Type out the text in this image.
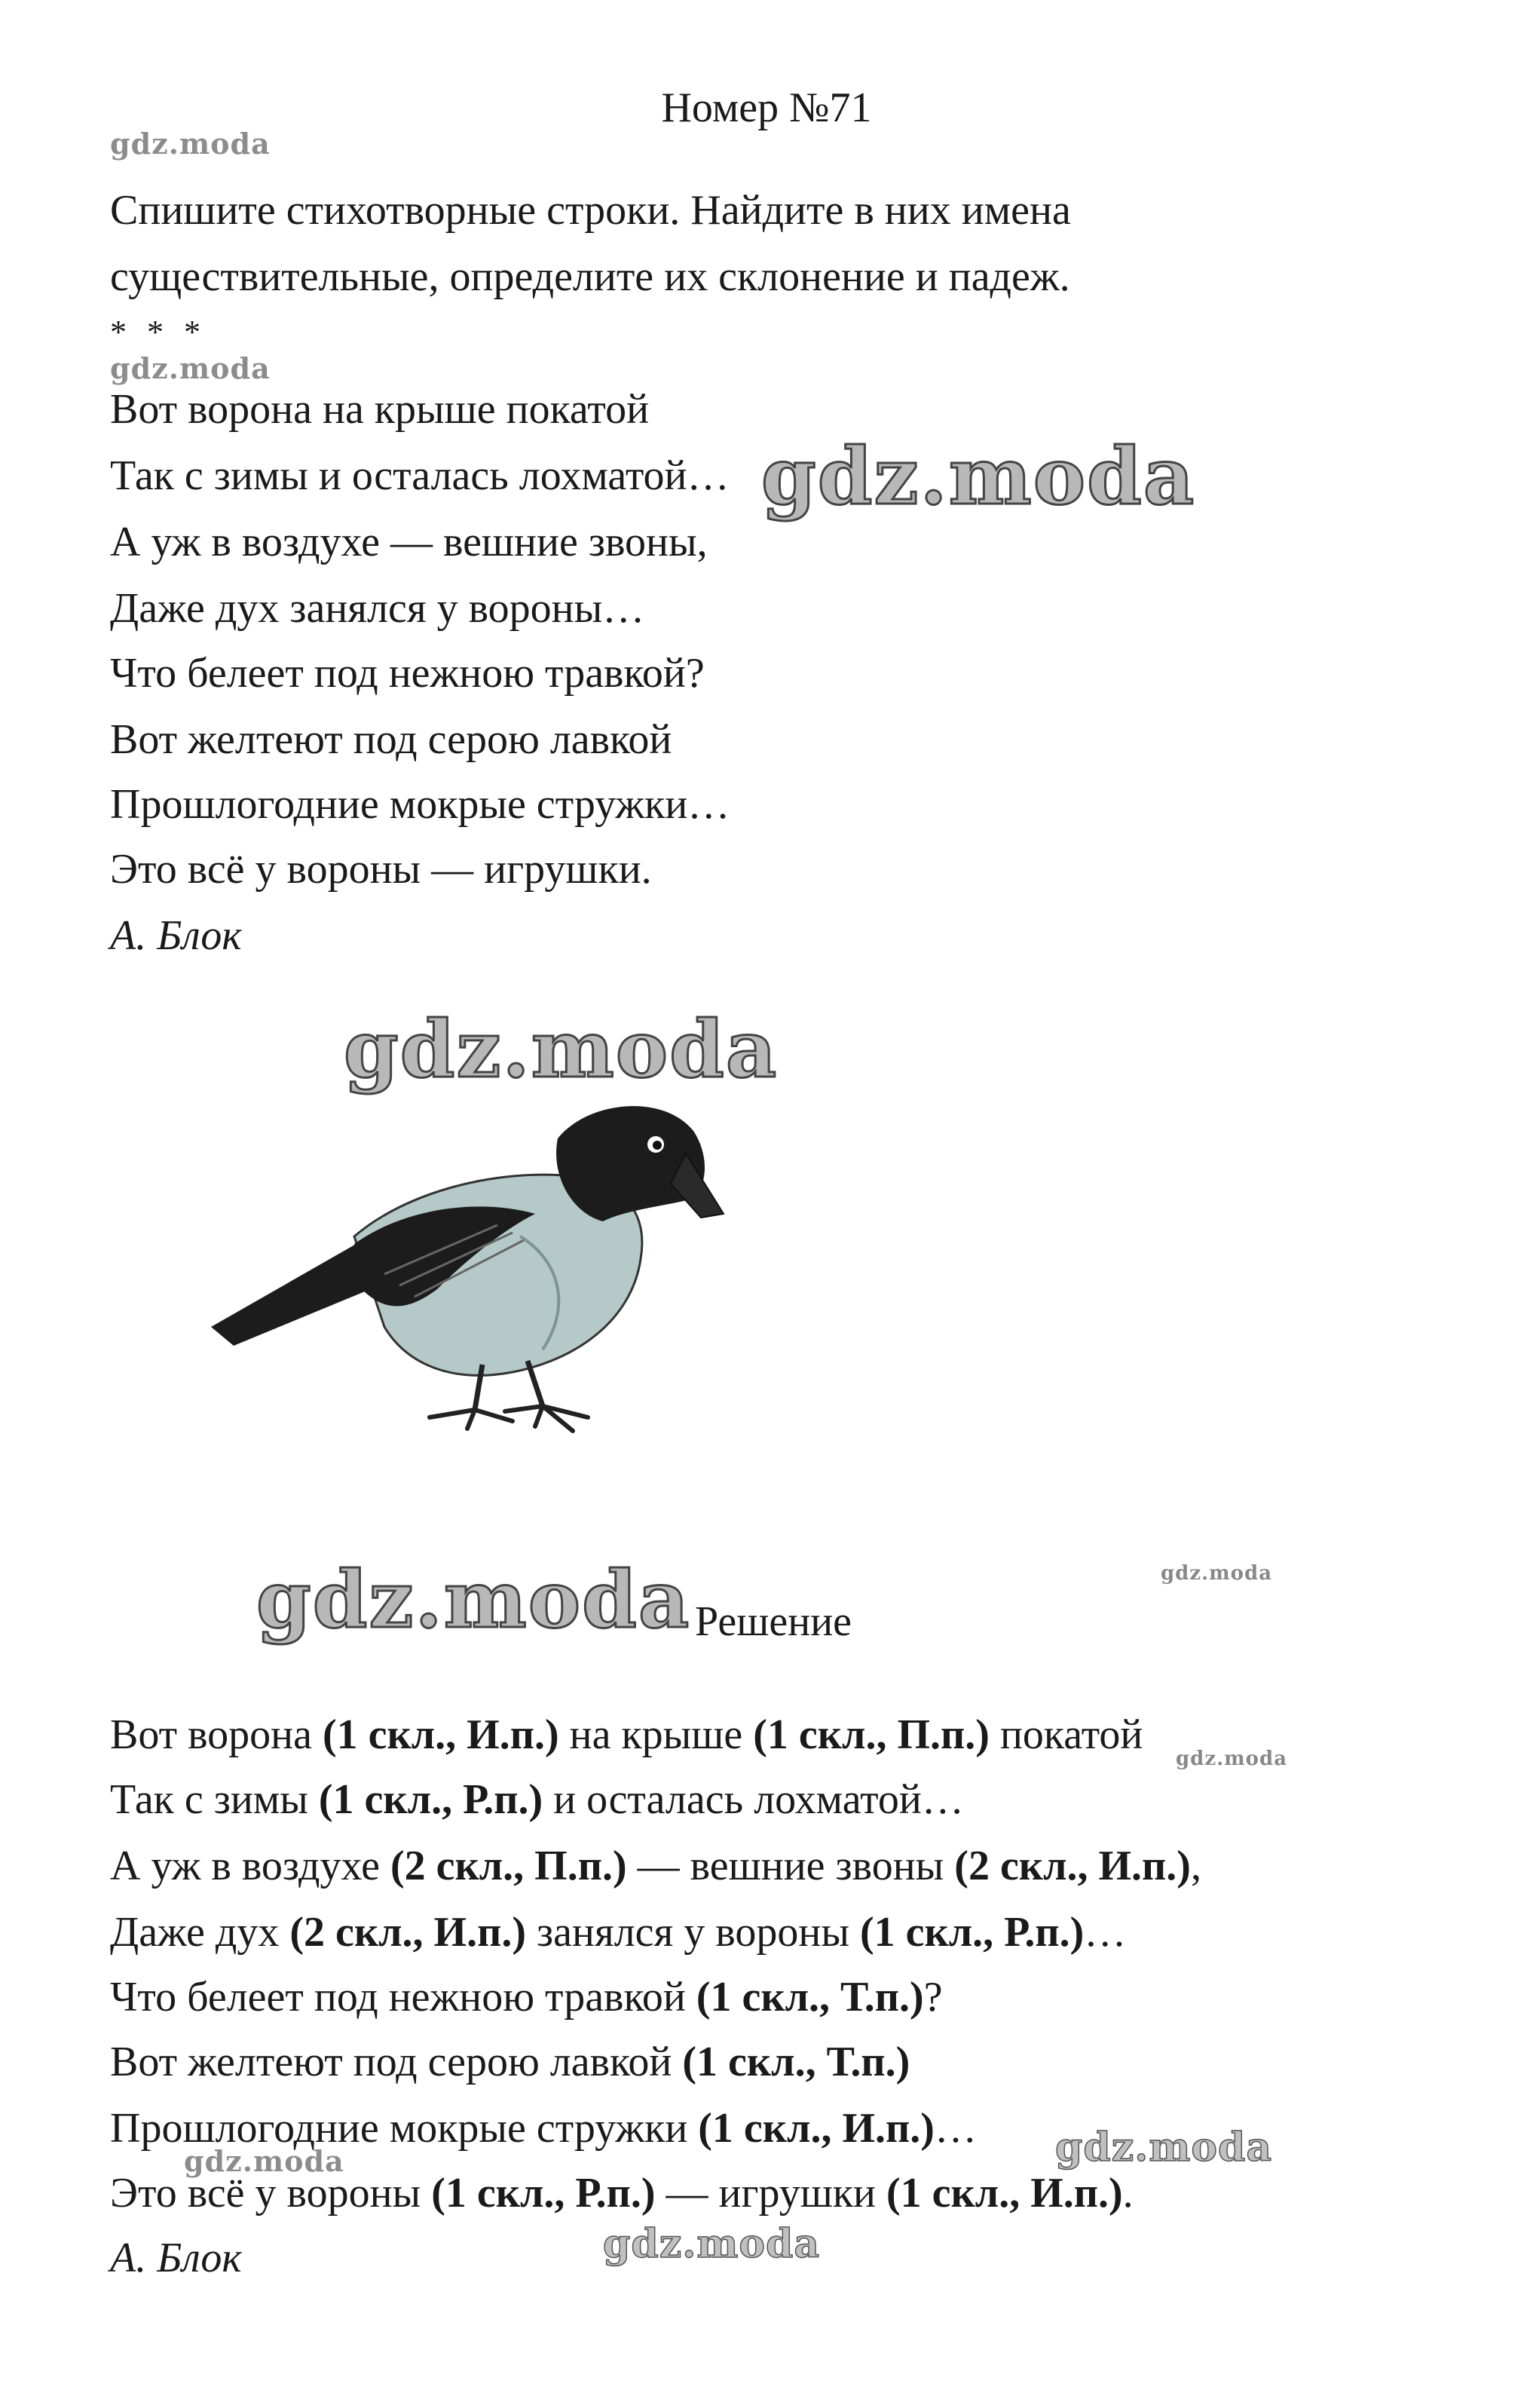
Номер №71
gdz.moda
Спишите стихотворные строки. Найдите в них имена
существительные, определите их склонение и падеж.
* * *
gdz.moda
Вот ворона на крыше покатой
Так с зимы и осталась лохматой…
А уж в воздухе — вешние звоны,
Даже дух занялся у вороны…
Что белеет под нежною травкой?
Вот желтеют под серою лавкой
Прошлогодние мокрые стружки…
Это всё у вороны — игрушки.
А. Блок
gdz.moda
gdz.moda
gdz.moda Решение
gdz.moda
Вот ворона (1 скл., И.п.) на крыше (1 скл., П.п.) покатой
Так с зимы (1 скл., Р.п.) и осталась лохматой…
А уж в воздухе (2 скл., П.п.) — вешние звоны (2 скл., И.п.),
Даже дух (2 скл., И.п.) занялся у вороны (1 скл., Р.п.)…
Что белеет под нежною травкой (1 скл., Т.п.)?
Вот желтеют под серою лавкой (1 скл., Т.п.)
Прошлогодние мокрые стружки (1 скл., И.п.)…
Это всё у вороны (1 скл., Р.п.) — игрушки (1 скл., И.п.).
А. Блок
gdz.moda
gdz.moda
gdz.moda
gdz.moda
